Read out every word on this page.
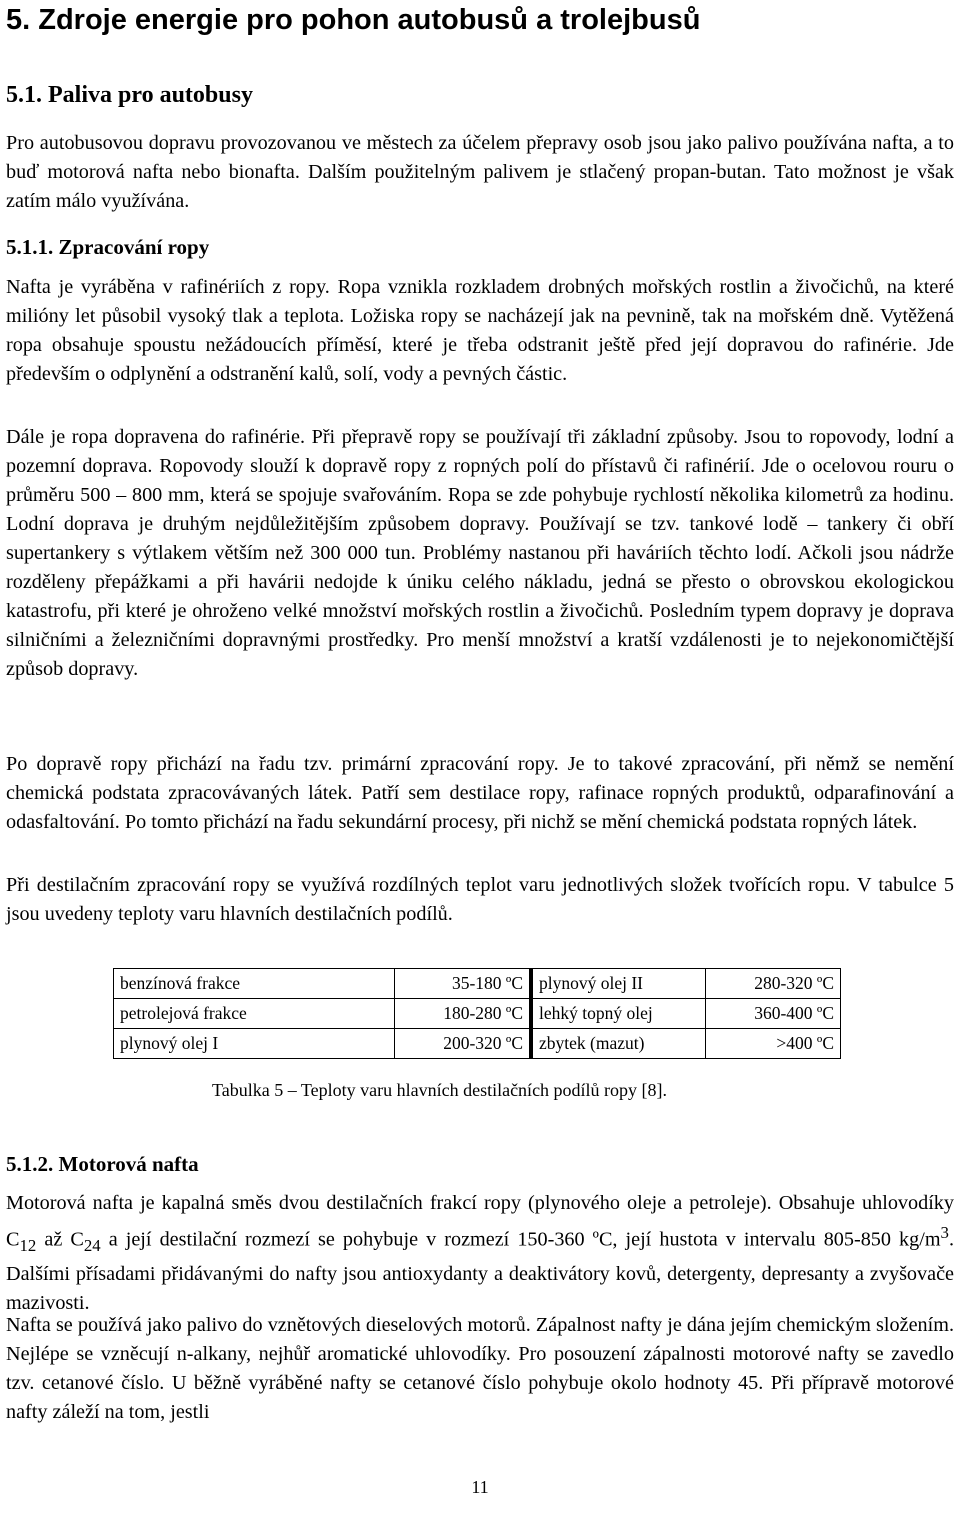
5. Zdroje energie pro pohon autobusů a trolejbusů
5.1. Paliva pro autobusy

Pro autobusovou dopravu provozovanou ve městech za účelem přepravy osob jsou jako palivo používána nafta, a to buď motorová nafta nebo bionafta. Dalším použitelným palivem je stlačený propan-butan. Tato možnost je však zatím málo využívána.

5.1.1. Zpracování ropy

Nafta je vyráběna v rafinériích z ropy. Ropa vznikla rozkladem drobných mořských rostlin a živočichů, na které milióny let působil vysoký tlak a teplota. Ložiska ropy se nacházejí jak na pevnině, tak na mořském dně. Vytěžená ropa obsahuje spoustu nežádoucích příměsí, které je třeba odstranit ještě před její dopravou do rafinérie. Jde především o odplynění a odstranění kalů, solí, vody a pevných částic.

Dále je ropa dopravena do rafinérie. Při přepravě ropy se používají tři základní způsoby. Jsou to ropovody, lodní a pozemní doprava. Ropovody slouží k dopravě ropy z ropných polí do přístavů či rafinérií. Jde o ocelovou rouru o průměru 500 – 800 mm, která se spojuje svařováním. Ropa se zde pohybuje rychlostí několika kilometrů za hodinu. Lodní doprava je druhým nejdůležitějším způsobem dopravy. Používají se tzv. tankové lodě – tankery či obří supertankery s výtlakem větším než 300 000 tun. Problémy nastanou při haváriích těchto lodí. Ačkoli jsou nádrže rozděleny přepážkami a při havárii nedojde k úniku celého nákladu, jedná se přesto o obrovskou ekologickou katastrofu, při které je ohroženo velké množství mořských rostlin a živočichů. Posledním typem dopravy je doprava silničními a železničními dopravnými prostředky. Pro menší množství a kratší vzdálenosti je to nejekonomičtější způsob dopravy.

Po dopravě ropy přichází na řadu tzv. primární zpracování ropy. Je to takové zpracování, při němž se nemění chemická podstata zpracovávaných látek. Patří sem destilace ropy, rafinace ropných produktů, odparafinování a odasfaltování. Po tomto přichází na řadu sekundární procesy, při nichž se mění chemická podstata ropných látek.

Při destilačním zpracování ropy se využívá rozdílných teplot varu jednotlivých složek tvořících ropu. V tabulce 5 jsou uvedeny teploty varu hlavních destilačních podílů.

benzínová frakce	35-180 ºC	plynový olej II	280-320 ºC
petrolejová frakce	180-280 ºC	lehký topný olej	360-400 ºC
plynový olej I	200-320 ºC	zbytek (mazut)	>400 ºC
Tabulka 5 – Teploty varu hlavních destilačních podílů ropy [8].
5.1.2. Motorová nafta

Motorová nafta je kapalná směs dvou destilačních frakcí ropy (plynového oleje a petroleje). Obsahuje uhlovodíky $C_{12}$ až $C_{24}$ a její destilační rozmezí se pohybuje v rozmezí 150-360 ºC, její hustota v intervalu 805-850 $kg/m^3$. Dalšími přísadami přidávanými do nafty jsou antioxydanty a deaktivátory kovů, detergenty, depresanty a zvyšovače mazivosti.

Nafta se používá jako palivo do vznětových dieselových motorů. Zápalnost nafty je dána jejím chemickým složením. Nejlépe se vzněcují n-alkany, nejhůř aromatické uhlovodíky. Pro posouzení zápalnosti motorové nafty se zavedlo tzv. cetanové číslo. U běžně vyráběné nafty se cetanové číslo pohybuje okolo hodnoty 45. Při přípravě motorové nafty záleží na tom, jestli

11
